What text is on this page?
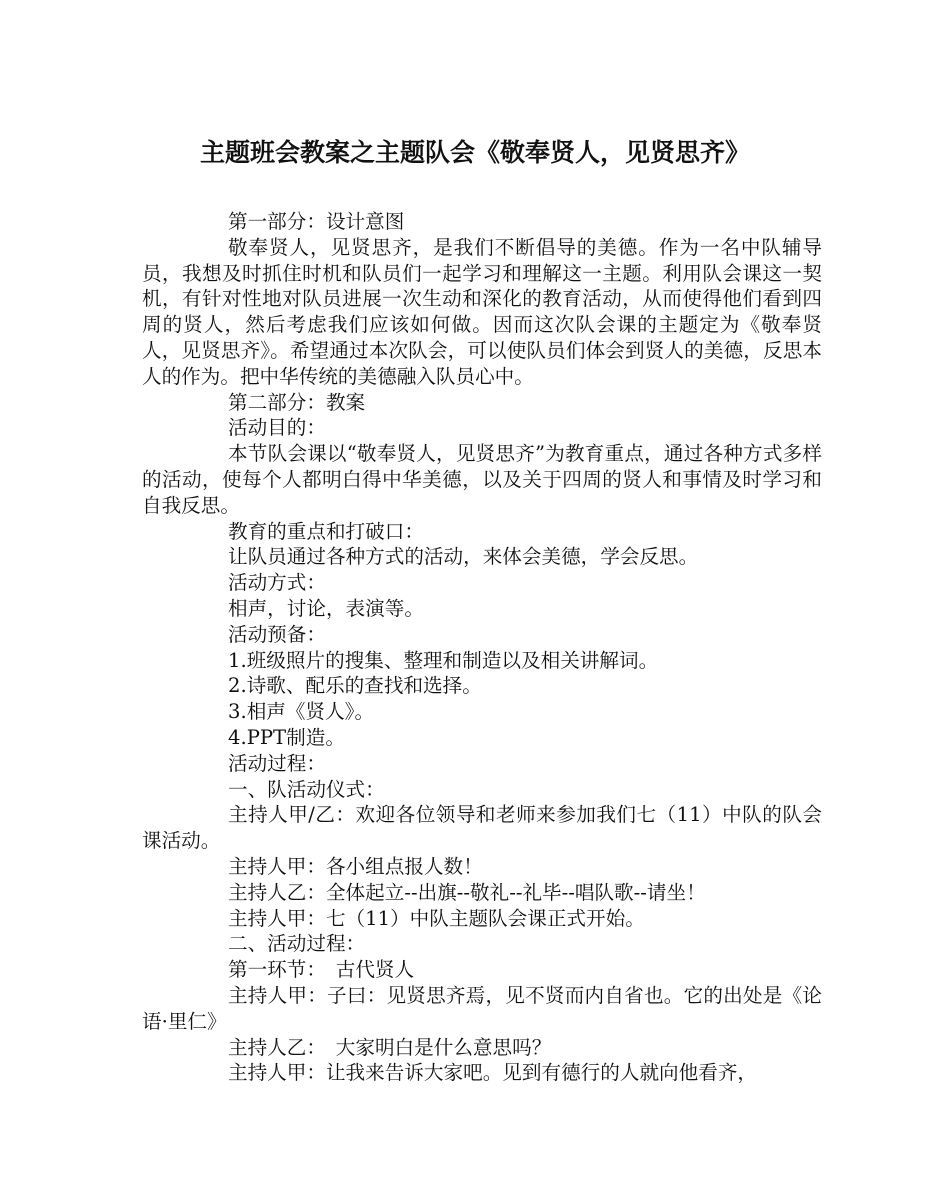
主题班会教案之主题队会《敬奉贤人，见贤思齐》

第一部分：设计意图

敬奉贤人，见贤思齐，是我们不断倡导的美德。作为一名中队辅导员，我想及时抓住时机和队员们一起学习和理解这一主题。利用队会课这一契机，有针对性地对队员进展一次生动和深化的教育活动，从而使得他们看到四周的贤人，然后考虑我们应该如何做。因而这次队会课的主题定为《敬奉贤人，见贤思齐》。希望通过本次队会，可以使队员们体会到贤人的美德，反思本人的作为。把中华传统的美德融入队员心中。

第二部分：教案

活动目的：

本节队会课以“敬奉贤人，见贤思齐”为教育重点，通过各种方式多样的活动，使每个人都明白得中华美德，以及关于四周的贤人和事情及时学习和自我反思。

教育的重点和打破口：

让队员通过各种方式的活动，来体会美德，学会反思。

活动方式：

相声，讨论，表演等。

活动预备：

1.班级照片的搜集、整理和制造以及相关讲解词。

2.诗歌、配乐的查找和选择。

3.相声《贤人》。

4.PPT制造。

活动过程：

一、队活动仪式：

主持人甲/乙：欢迎各位领导和老师来参加我们七（11）中队的队会课活动。

主持人甲：各小组点报人数！

主持人乙：全体起立--出旗--敬礼--礼毕--唱队歌--请坐！

主持人甲：七（11）中队主题队会课正式开始。

二、活动过程：

第一环节：　古代贤人

主持人甲：子曰：见贤思齐焉，见不贤而内自省也。它的出处是《论语·里仁》

主持人乙：　大家明白是什么意思吗？

主持人甲：让我来告诉大家吧。见到有德行的人就向他看齐，
